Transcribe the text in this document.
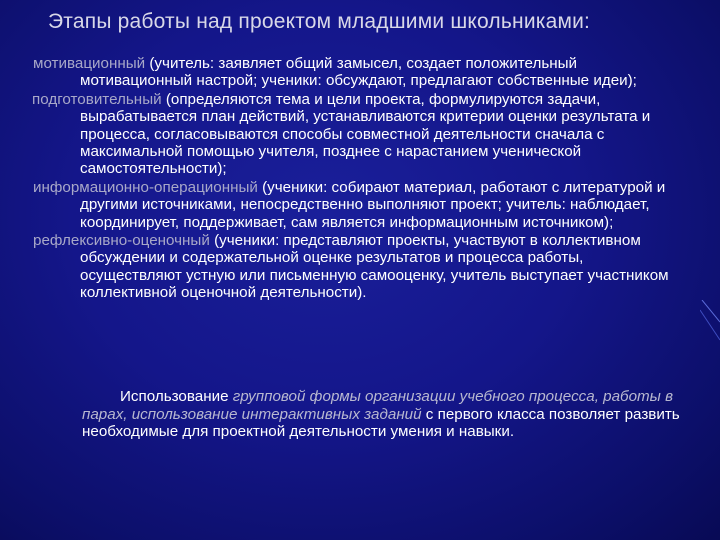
Этапы работы над проектом младшими школьниками:
мотивационный (учитель: заявляет общий замысел, создает положительный мотивационный настрой; ученики: обсуждают, предлагают собственные идеи);
подготовительный (определяются тема и цели проекта, формулируются задачи, вырабатывается план действий, устанавливаются критерии оценки результата и процесса, согласовываются способы совместной деятельности сначала с максимальной помощью учителя, позднее с нарастанием ученической самостоятельности);
информационно-операционный (ученики: собирают материал, работают с литературой и другими источниками, непосредственно выполняют проект; учитель: наблюдает, координирует, поддерживает, сам является информационным источником);
рефлексивно-оценочный (ученики: представляют проекты, участвуют в коллективном обсуждении и содержательной оценке результатов и процесса работы, осуществляют устную или письменную самооценку, учитель выступает участником коллективной оценочной деятельности).
Использование групповой формы организации учебного процесса, работы в парах, использование интерактивных заданий с первого класса позволяет развить необходимые для проектной деятельности умения и навыки.
